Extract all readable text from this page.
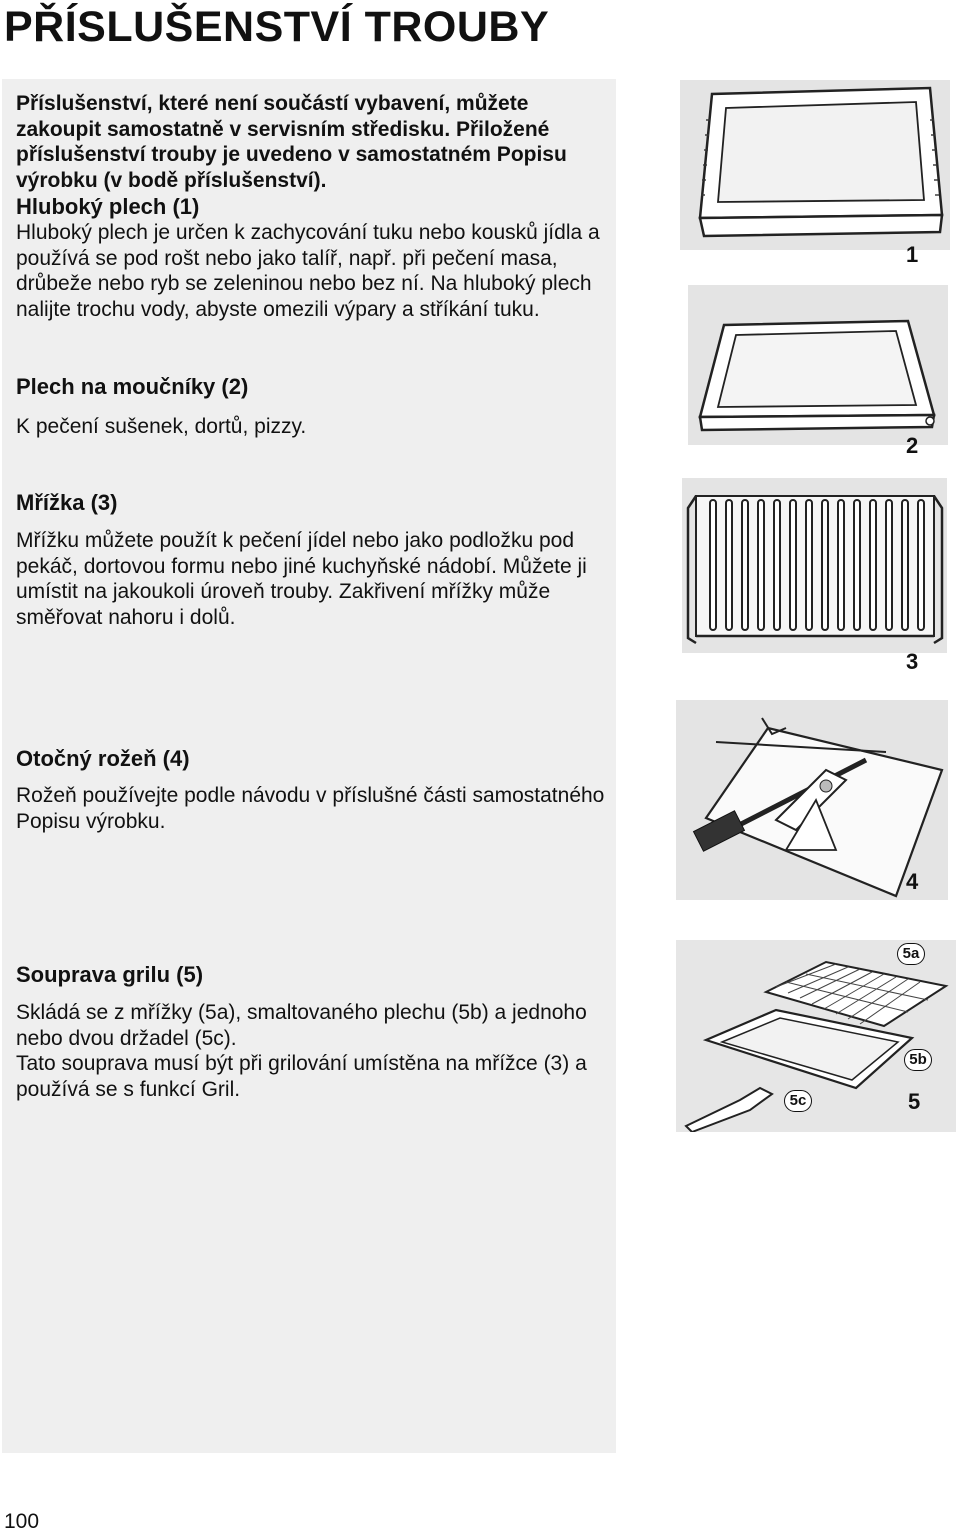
PŘÍSLUŠENSTVÍ TROUBY

Příslušenství, které není součástí vybavení, můžete zakoupit samostatně v servisním středisku. Přiložené příslušenství trouby je uvedeno v samostatném Popisu výrobku (v bodě příslušenství).

Hluboký plech (1)

Hluboký plech je určen k zachycování tuku nebo kousků jídla a používá se pod rošt nebo jako talíř, např. při pečení masa, drůbeže nebo ryb se zeleninou nebo bez ní. Na hluboký plech nalijte trochu vody, abyste omezili výpary a stříkání tuku.

Plech na moučníky (2)

K pečení sušenek, dortů, pizzy.

Mřížka (3)

Mřížku můžete použít k pečení jídel nebo jako podložku pod pekáč, dortovou formu nebo jiné kuchyňské nádobí. Můžete ji umístit na jakoukoli úroveň trouby. Zakřivení mřížky může směřovat nahoru i dolů.

Otočný rožeň (4)

Rožeň používejte podle návodu v příslušné části samostatného Popisu výrobku.

Souprava grilu (5)

Skládá se z mřížky (5a), smaltovaného plechu (5b) a jednoho nebo dvou držadel (5c).

Tato souprava musí být při grilování umístěna na mřížce (3) a používá se s funkcí Gril.

1
2
3
4
5a
5b
5c	5
100
